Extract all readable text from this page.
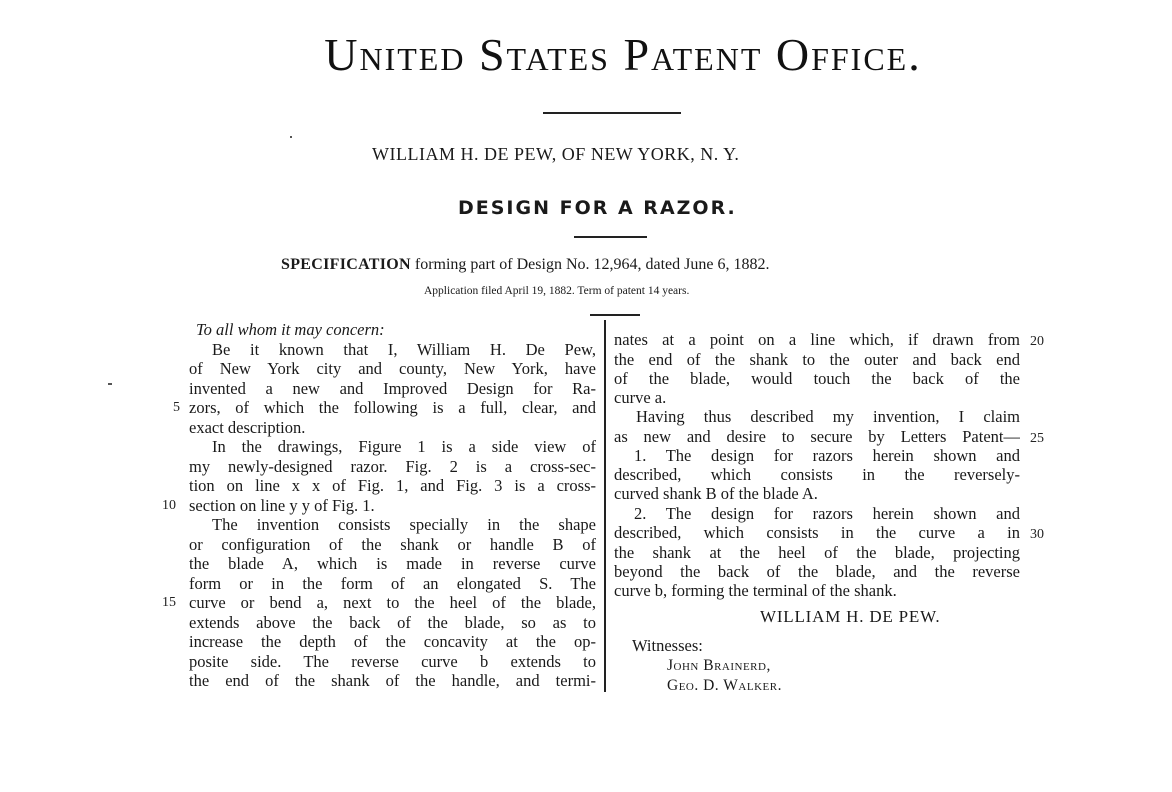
United States Patent Office.
WILLIAM H. DE PEW, OF NEW YORK, N. Y.
DESIGN FOR A RAZOR.
SPECIFICATION forming part of Design No. 12,964, dated June 6, 1882.
Application filed April 19, 1882. Term of patent 14 years.
To all whom it may concern:
Be it known that I, William H. De Pew,
of New York city and county, New York, have
invented a new and Improved Design for Ra-
zors, of which the following is a full, clear, and
exact description.
In the drawings, Figure 1 is a side view of
my newly-designed razor. Fig. 2 is a cross-sec-
tion on line x x of Fig. 1, and Fig. 3 is a cross-
section on line y y of Fig. 1.
The invention consists specially in the shape
or configuration of the shank or handle B of
the blade A, which is made in reverse curve
form or in the form of an elongated S. The
curve or bend a, next to the heel of the blade,
extends above the back of the blade, so as to
increase the depth of the concavity at the op-
posite side. The reverse curve b extends to
the end of the shank of the handle, and termi-
5
10
15
nates at a point on a line which, if drawn from
the end of the shank to the outer and back end
of the blade, would touch the back of the
curve a.
Having thus described my invention, I claim
as new and desire to secure by Letters Patent—
1. The design for razors herein shown and
described, which consists in the reversely-
curved shank B of the blade A.
2. The design for razors herein shown and
described, which consists in the curve a in
the shank at the heel of the blade, projecting
beyond the back of the blade, and the reverse
curve b, forming the terminal of the shank.
20
25
30
WILLIAM H. DE PEW.
Witnesses:
John Brainerd,
Geo. D. Walker.
